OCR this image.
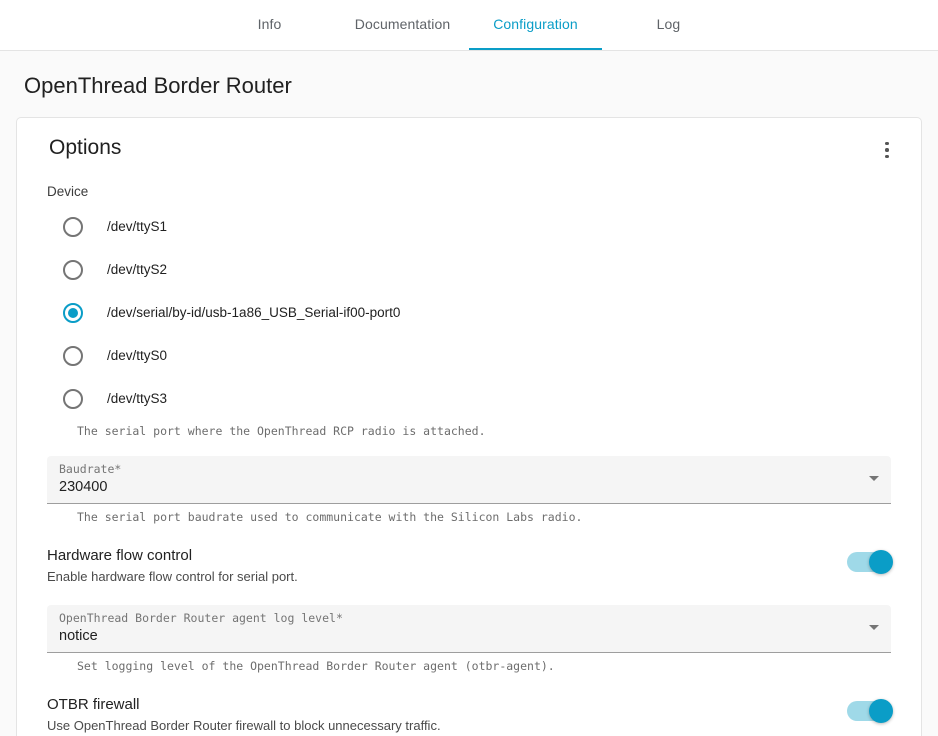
Info	Documentation	Configuration	Log
OpenThread Border Router
Options
Device
/dev/ttyS1
/dev/ttyS2
/dev/serial/by-id/usb-1a86_USB_Serial-if00-port0
/dev/ttyS0
/dev/ttyS3
The serial port where the OpenThread RCP radio is attached.
Baudrate*
230400
The serial port baudrate used to communicate with the Silicon Labs radio.
Hardware flow control
Enable hardware flow control for serial port.
OpenThread Border Router agent log level*
notice
Set logging level of the OpenThread Border Router agent (otbr-agent).
OTBR firewall
Use OpenThread Border Router firewall to block unnecessary traffic.
